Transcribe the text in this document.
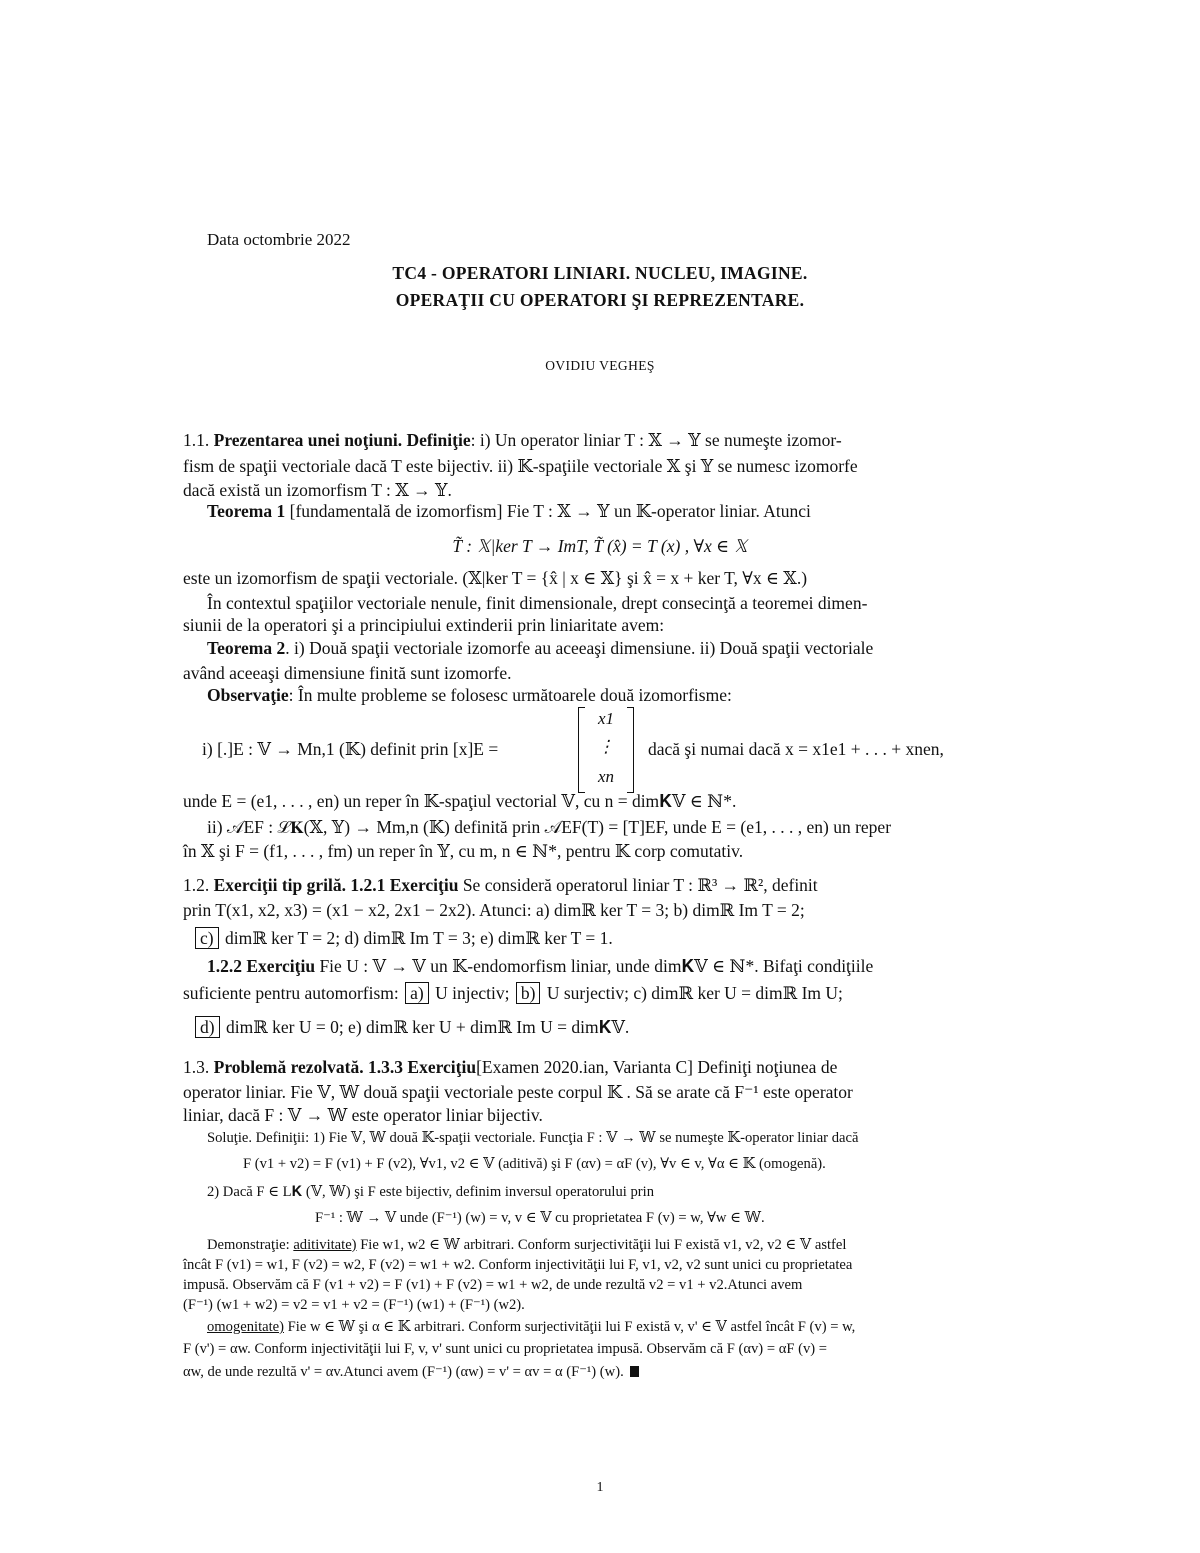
Data octombrie 2022
TC4 - OPERATORI LINIARI. NUCLEU, IMAGINE.
OPERAŢII CU OPERATORI ŞI REPREZENTARE.
OVIDIU VEGHEŞ
1.1. Prezentarea unei noţiuni. Definiţie: i) Un operator liniar T : 𝕏 → 𝕐 se numeşte izomor-
fism de spaţii vectoriale dacă T este bijectiv. ii) 𝕂-spaţiile vectoriale 𝕏 şi 𝕐 se numesc izomorfe
dacă există un izomorfism T : 𝕏 → 𝕐.
Teorema 1 [fundamentală de izomorfism] Fie T : 𝕏 → 𝕐 un 𝕂-operator liniar. Atunci
T̃ : 𝕏|ker T → ImT, T̃ (x̂) = T (x) , ∀x ∈ 𝕏
este un izomorfism de spaţii vectoriale. (𝕏|ker T = {x̂ | x ∈ 𝕏} şi x̂ = x + ker T, ∀x ∈ 𝕏.)
În contextul spaţiilor vectoriale nenule, finit dimensionale, drept consecinţă a teoremei dimen-
siunii de la operatori şi a principiului extinderii prin liniaritate avem:
Teorema 2. i) Două spaţii vectoriale izomorfe au aceeaşi dimensiune. ii) Două spaţii vectoriale
având aceeaşi dimensiune finită sunt izomorfe.
Observaţie: În multe probleme se folosesc următoarele două izomorfisme:
i) [.]E : 𝕍 → Mn,1 (𝕂) definit prin [x]E =
x1
⋮
xn
dacă şi numai dacă x = x1e1 + . . . + xnen,
unde E = (e1, . . . , en) un reper în 𝕂-spaţiul vectorial 𝕍, cu n = dim𝐊𝕍 ∈ ℕ*.
ii) 𝒜EF : ℒ𝐊(𝕏, 𝕐) → Mm,n (𝕂) definită prin 𝒜EF(T) = [T]EF, unde E = (e1, . . . , en) un reper
în 𝕏 şi F = (f1, . . . , fm) un reper în 𝕐, cu m, n ∈ ℕ*, pentru 𝕂 corp comutativ.
1.2. Exerciţii tip grilă. 1.2.1 Exerciţiu Se consideră operatorul liniar T : ℝ³ → ℝ², definit
prin T(x1, x2, x3) = (x1 − x2, 2x1 − 2x2). Atunci: a) dimℝ ker T = 3; b) dimℝ Im T = 2;
c) dimℝ ker T = 2; d) dimℝ Im T = 3; e) dimℝ ker T = 1.
1.2.2 Exerciţiu Fie U : 𝕍 → 𝕍 un 𝕂-endomorfism liniar, unde dim𝐊𝕍 ∈ ℕ*. Bifaţi condiţiile
suficiente pentru automorfism: a) U injectiv; b) U surjectiv; c) dimℝ ker U = dimℝ Im U;
d) dimℝ ker U = 0; e) dimℝ ker U + dimℝ Im U = dim𝐊𝕍.
1.3. Problemă rezolvată. 1.3.3 Exerciţiu[Examen 2020.ian, Varianta C] Definiţi noţiunea de
operator liniar. Fie 𝕍, 𝕎 două spaţii vectoriale peste corpul 𝕂 . Să se arate că F⁻¹ este operator
liniar, dacă F : 𝕍 → 𝕎 este operator liniar bijectiv.
Soluţie. Definiţii: 1) Fie 𝕍, 𝕎 două 𝕂-spaţii vectoriale. Funcţia F : 𝕍 → 𝕎 se numeşte 𝕂-operator liniar dacă
F (v1 + v2) = F (v1) + F (v2), ∀v1, v2 ∈ 𝕍 (aditivă) şi F (αv) = αF (v), ∀v ∈ v, ∀α ∈ 𝕂 (omogenă).
2) Dacă F ∈ L𝐊 (𝕍, 𝕎) şi F este bijectiv, definim inversul operatorului prin
F⁻¹ : 𝕎 → 𝕍 unde (F⁻¹) (w) = v, v ∈ 𝕍 cu proprietatea F (v) = w, ∀w ∈ 𝕎.
Demonstraţie: aditivitate) Fie w1, w2 ∈ 𝕎 arbitrari. Conform surjectivităţii lui F există v1, v2, v2 ∈ 𝕍 astfel
încât F (v1) = w1, F (v2) = w2, F (v2) = w1 + w2. Conform injectivităţii lui F, v1, v2, v2 sunt unici cu proprietatea
impusă. Observăm că F (v1 + v2) = F (v1) + F (v2) = w1 + w2, de unde rezultă v2 = v1 + v2.Atunci avem
(F⁻¹) (w1 + w2) = v2 = v1 + v2 = (F⁻¹) (w1) + (F⁻¹) (w2).
omogenitate) Fie w ∈ 𝕎 şi α ∈ 𝕂 arbitrari. Conform surjectivităţii lui F există v, v' ∈ 𝕍 astfel încât F (v) = w,
F (v') = αw. Conform injectivităţii lui F, v, v' sunt unici cu proprietatea impusă. Observăm că F (αv) = αF (v) =
αw, de unde rezultă v' = αv.Atunci avem (F⁻¹) (αw) = v' = αv = α (F⁻¹) (w).
1
